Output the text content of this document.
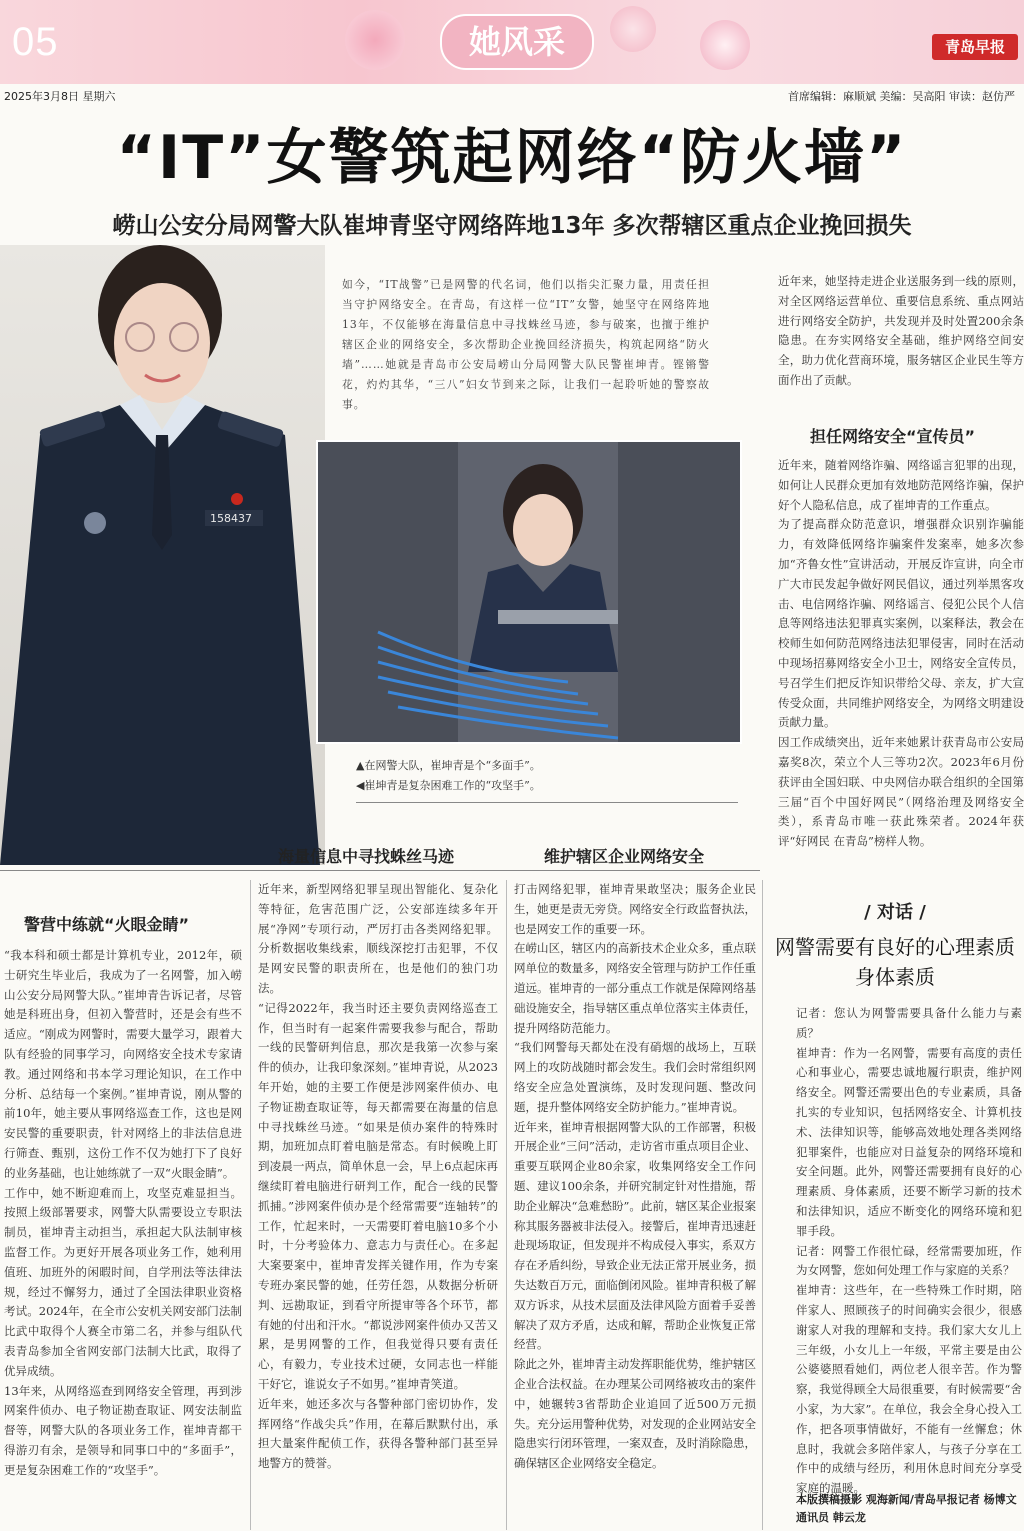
05	她风采	青岛早报
2025年3月8日 星期六	首席编辑：麻顺斌 美编：吴高阳 审读：赵仿严
“IT”女警筑起网络“防火墙”
崂山公安分局网警大队崔坤青坚守网络阵地13年 多次帮辖区重点企业挽回损失
158437
如今，“IT战警”已是网警的代名词，他们以指尖汇聚力量，用责任担当守护网络安全。在青岛，有这样一位“IT”女警，她坚守在网络阵地13年，不仅能够在海量信息中寻找蛛丝马迹，参与破案，也擅于维护辖区企业的网络安全，多次帮助企业挽回经济损失，构筑起网络“防火墙”……她就是青岛市公安局崂山分局网警大队民警崔坤青。铿锵警花，灼灼其华，“三八”妇女节到来之际，让我们一起聆听她的警察故事。
▲在网警大队，崔坤青是个“多面手”。
◀崔坤青是复杂困难工作的“攻坚手”。
近年来，她坚持走进企业送服务到一线的原则，对全区网络运营单位、重要信息系统、重点网站进行网络安全防护，共发现并及时处置200余条隐患。在夯实网络安全基础，维护网络空间安全，助力优化营商环境，服务辖区企业民生等方面作出了贡献。
担任网络安全“宣传员”
近年来，随着网络诈骗、网络谣言犯罪的出现，如何让人民群众更加有效地防范网络诈骗，保护好个人隐私信息，成了崔坤青的工作重点。
为了提高群众防范意识，增强群众识别诈骗能力，有效降低网络诈骗案件发案率，她多次参加“齐鲁女性”宣讲活动，开展反诈宣讲，向全市广大市民发起争做好网民倡议，通过列举黑客攻击、电信网络诈骗、网络谣言、侵犯公民个人信息等网络违法犯罪真实案例，以案释法，教会在校师生如何防范网络违法犯罪侵害，同时在活动中现场招募网络安全小卫士，网络安全宣传员，号召学生们把反诈知识带给父母、亲友，扩大宣传受众面，共同维护网络安全，为网络文明建设贡献力量。
因工作成绩突出，近年来她累计获青岛市公安局嘉奖8次，荣立个人三等功2次。2023年6月份获评由全国妇联、中央网信办联合组织的全国第三届“百个中国好网民”（网络治理及网络安全类），系青岛市唯一获此殊荣者。2024年获评“好网民 在青岛”榜样人物。
海量信息中寻找蛛丝马迹	维护辖区企业网络安全
警营中练就“火眼金睛”
“我本科和硕士都是计算机专业，2012年，硕士研究生毕业后，我成为了一名网警，加入崂山公安分局网警大队。”崔坤青告诉记者，尽管她是科班出身，但初入警营时，还是会有些不适应。“刚成为网警时，需要大量学习，跟着大队有经验的同事学习，向网络安全技术专家请教。通过网络和书本学习理论知识，在工作中分析、总结每一个案例。”崔坤青说，刚从警的前10年，她主要从事网络巡查工作，这也是网安民警的重要职责，针对网络上的非法信息进行筛查、甄别，这份工作不仅为她打下了良好的业务基础，也让她练就了一双“火眼金睛”。
工作中，她不断迎难而上，攻坚克难显担当。按照上级部署要求，网警大队需要设立专职法制员，崔坤青主动担当，承担起大队法制审核监督工作。为更好开展各项业务工作，她利用值班、加班外的闲暇时间，自学刑法等法律法规，经过不懈努力，通过了全国法律职业资格考试。2024年，在全市公安机关网安部门法制比武中取得个人赛全市第二名，并参与组队代表青岛参加全省网安部门法制大比武，取得了优异成绩。
13年来，从网络巡查到网络安全管理，再到涉网案件侦办、电子物证勘查取证、网安法制监督等，网警大队的各项业务工作，崔坤青都干得游刃有余，是领导和同事口中的“多面手”，更是复杂困难工作的“攻坚手”。
近年来，新型网络犯罪呈现出智能化、复杂化等特征，危害范围广泛，公安部连续多年开展“净网”专项行动，严厉打击各类网络犯罪。分析数据收集线索，顺线深挖打击犯罪，不仅是网安民警的职责所在，也是他们的独门功法。
“记得2022年，我当时还主要负责网络巡查工作，但当时有一起案件需要我参与配合，帮助一线的民警研判信息，那次是我第一次参与案件的侦办，让我印象深刻。”崔坤青说，从2023年开始，她的主要工作便是涉网案件侦办、电子物证勘查取证等，每天都需要在海量的信息中寻找蛛丝马迹。“如果是侦办案件的特殊时期，加班加点盯着电脑是常态。有时候晚上盯到凌晨一两点，简单休息一会，早上6点起床再继续盯着电脑进行研判工作，配合一线的民警抓捕。”涉网案件侦办是个经常需要“连轴转”的工作，忙起来时，一天需要盯着电脑10多个小时，十分考验体力、意志力与责任心。在多起大案要案中，崔坤青发挥关键作用，作为专案专班办案民警的她，任劳任怨，从数据分析研判、远勘取证，到看守所提审等各个环节，都有她的付出和汗水。“都说涉网案件侦办又苦又累，是男网警的工作，但我觉得只要有责任心，有毅力，专业技术过硬，女同志也一样能干好它，谁说女子不如男。”崔坤青笑道。
近年来，她还多次与各警种部门密切协作，发挥网络“作战尖兵”作用，在幕后默默付出，承担大量案件配侦工作，获得各警种部门甚至异地警方的赞誉。
打击网络犯罪，崔坤青果敢坚决；服务企业民生，她更是责无旁贷。网络安全行政监督执法，也是网安工作的重要一环。
在崂山区，辖区内的高新技术企业众多，重点联网单位的数量多，网络安全管理与防护工作任重道远。崔坤青的一部分重点工作就是保障网络基础设施安全，指导辖区重点单位落实主体责任，提升网络防范能力。
“我们网警每天都处在没有硝烟的战场上，互联网上的攻防战随时都会发生。我们会时常组织网络安全应急处置演练，及时发现问题、整改问题，提升整体网络安全防护能力。”崔坤青说。
近年来，崔坤青根据网警大队的工作部署，积极开展企业“三问”活动，走访省市重点项目企业、重要互联网企业80余家，收集网络安全工作问题、建议100余条，并研究制定针对性措施，帮助企业解决“急难愁盼”。此前，辖区某企业报案称其服务器被非法侵入。接警后，崔坤青迅速赶赴现场取证，但发现并不构成侵入事实，系双方存在矛盾纠纷，导致企业无法正常开展业务，损失达数百万元，面临倒闭风险。崔坤青积极了解双方诉求，从技术层面及法律风险方面着手妥善解决了双方矛盾，达成和解，帮助企业恢复正常经营。
除此之外，崔坤青主动发挥职能优势，维护辖区企业合法权益。在办理某公司网络被攻击的案件中，她辗转3省帮助企业追回了近500万元损失。充分运用警种优势，对发现的企业网站安全隐患实行闭环管理，一案双查，及时消除隐患，确保辖区企业网络安全稳定。
/ 对话 /
网警需要有良好的心理素质身体素质
记者：您认为网警需要具备什么能力与素质？
崔坤青：作为一名网警，需要有高度的责任心和事业心，需要忠诚地履行职责，维护网络安全。网警还需要出色的专业素质，具备扎实的专业知识，包括网络安全、计算机技术、法律知识等，能够高效地处理各类网络犯罪案件，也能应对日益复杂的网络环境和安全问题。此外，网警还需要拥有良好的心理素质、身体素质，还要不断学习新的技术和法律知识，适应不断变化的网络环境和犯罪手段。
记者：网警工作很忙碌，经常需要加班，作为女网警，您如何处理工作与家庭的关系？
崔坤青：这些年，在一些特殊工作时期，陪伴家人、照顾孩子的时间确实会很少，很感谢家人对我的理解和支持。我们家大女儿上三年级，小女儿上一年级，平常主要是由公公婆婆照看她们，两位老人很辛苦。作为警察，我觉得顾全大局很重要，有时候需要“舍小家，为大家”。在单位，我会全身心投入工作，把各项事情做好，不能有一丝懈怠；休息时，我就会多陪伴家人，与孩子分享在工作中的成绩与经历，利用休息时间充分享受家庭的温暖。
本版撰稿摄影 观海新闻/青岛早报记者 杨博文 通讯员 韩云龙
